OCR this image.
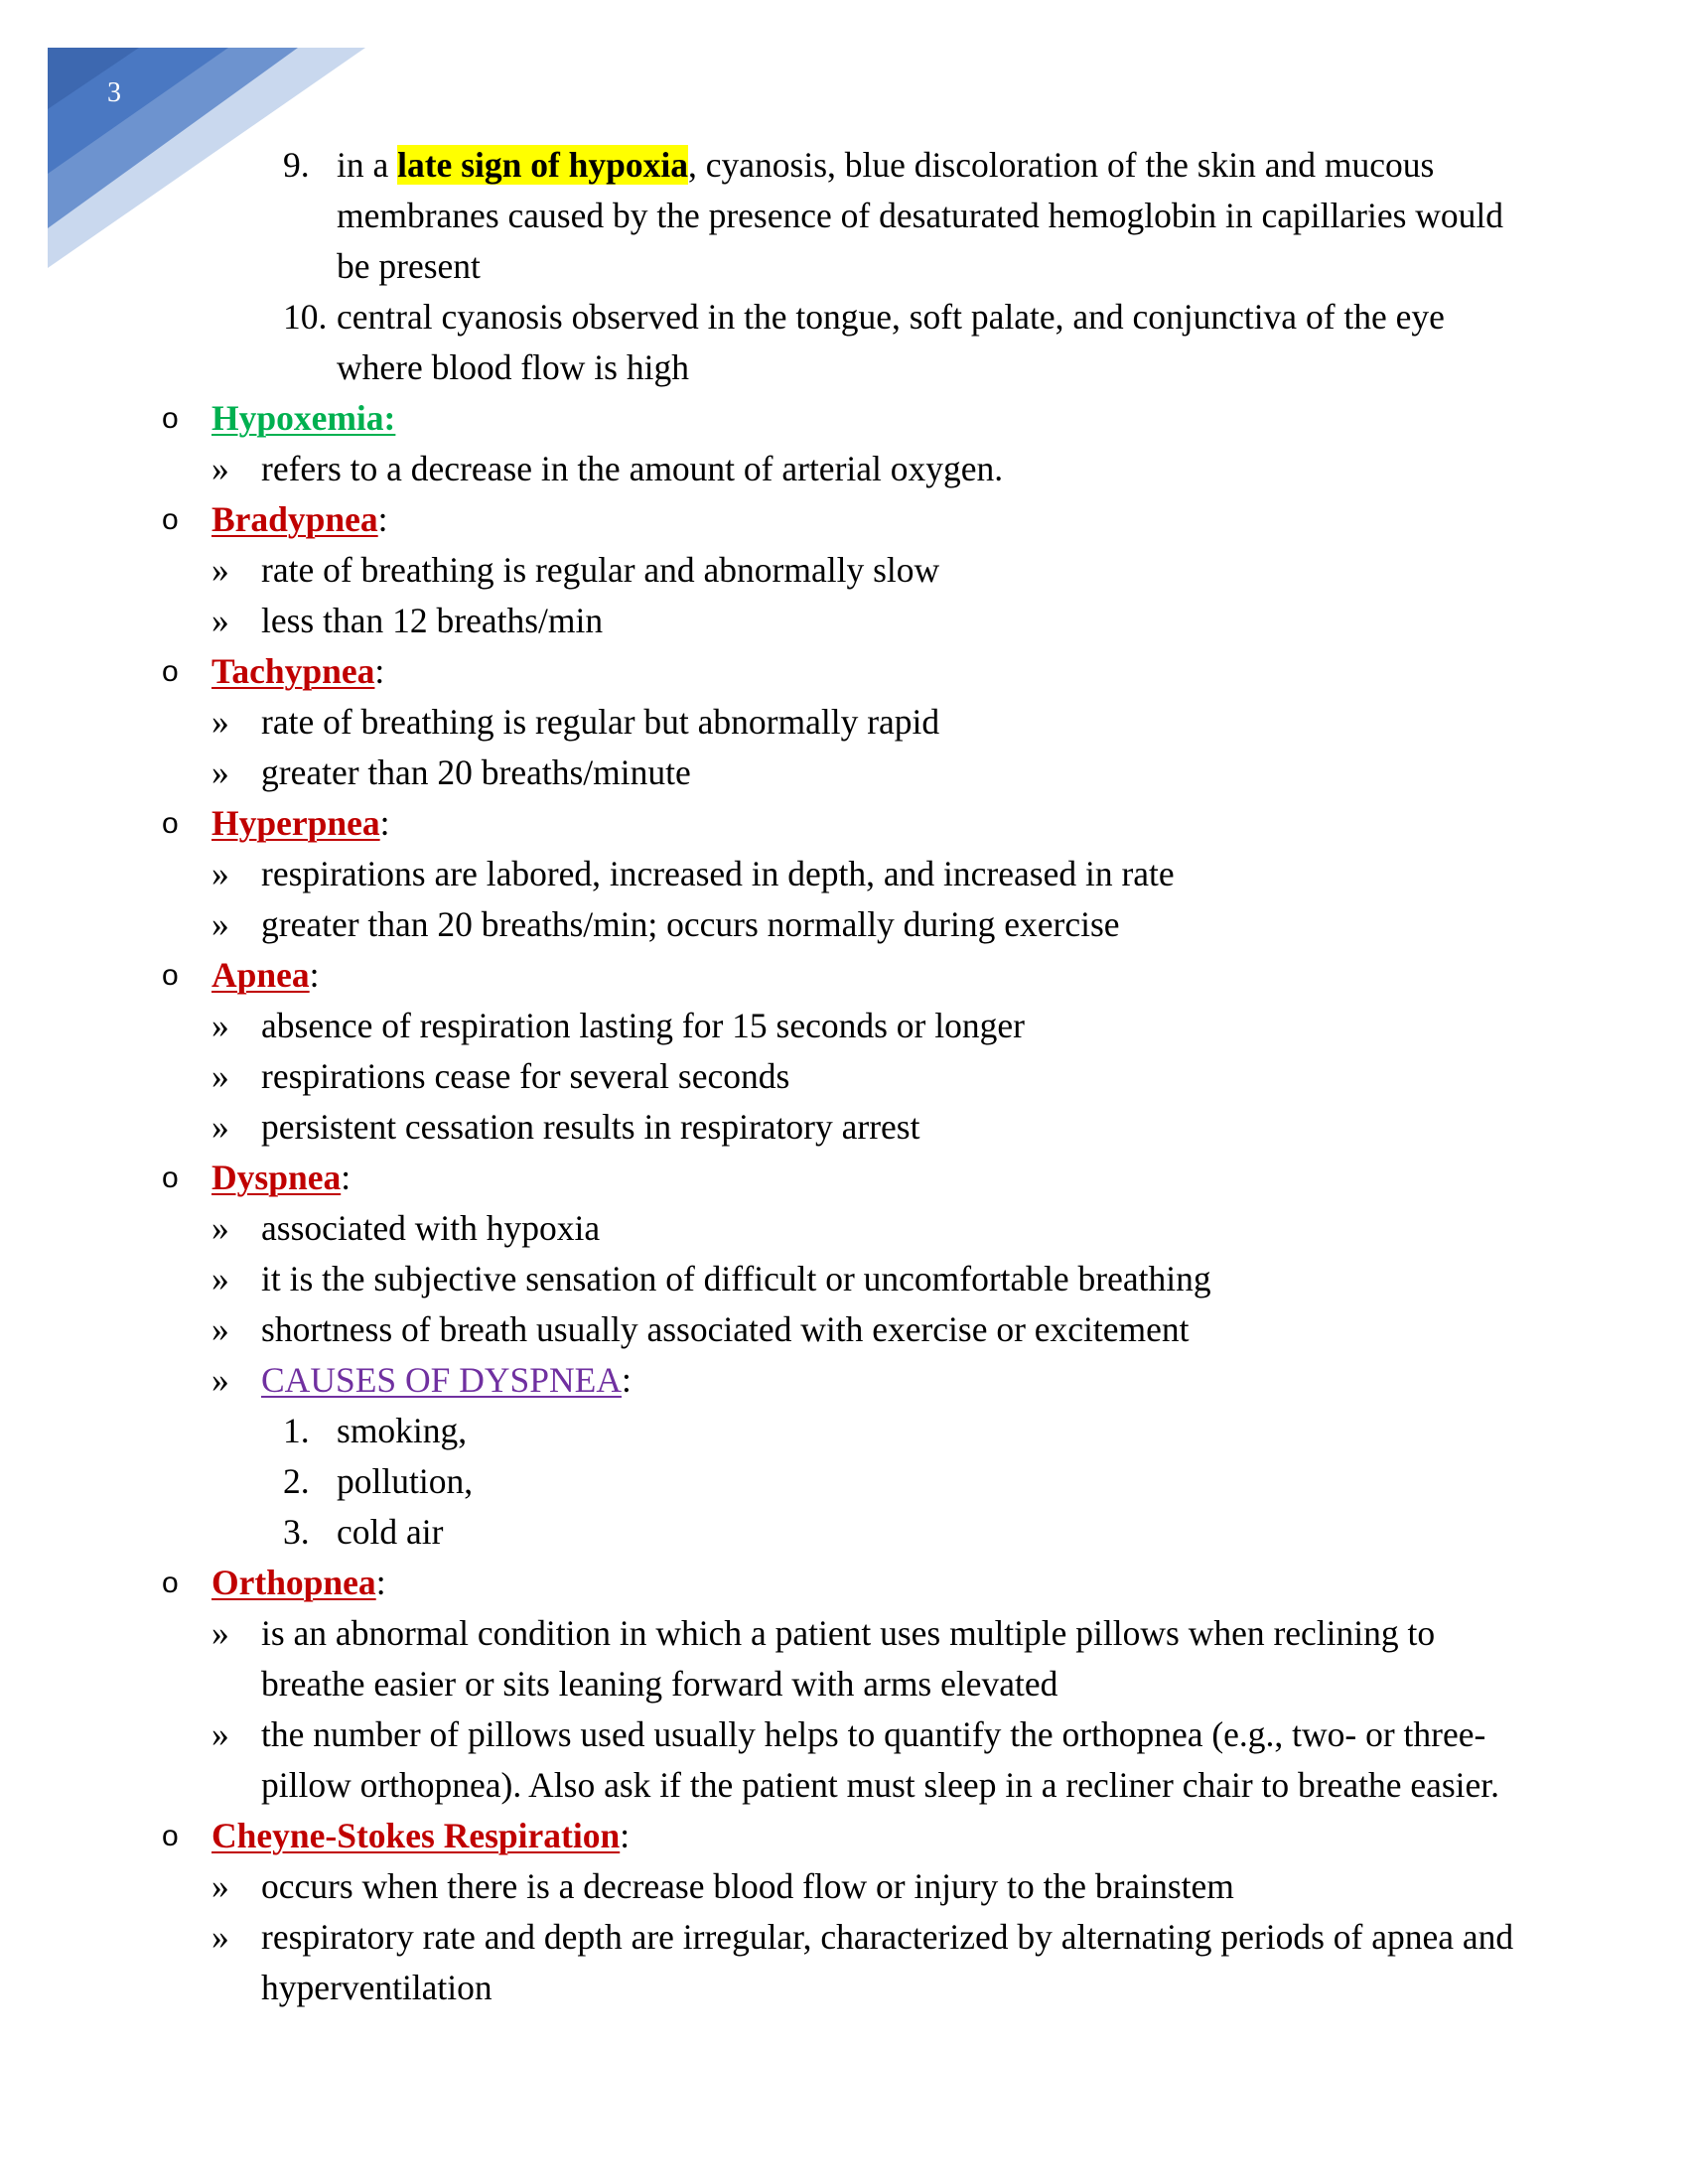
3
9. in a late sign of hypoxia, cyanosis, blue discoloration of the skin and mucous membranes caused by the presence of desaturated hemoglobin in capillaries would be present
10. central cyanosis observed in the tongue, soft palate, and conjunctiva of the eye where blood flow is high
o Hypoxemia:
» refers to a decrease in the amount of arterial oxygen.
o Bradypnea:
» rate of breathing is regular and abnormally slow
» less than 12 breaths/min
o Tachypnea:
» rate of breathing is regular but abnormally rapid
» greater than 20 breaths/minute
o Hyperpnea:
» respirations are labored, increased in depth, and increased in rate
» greater than 20 breaths/min; occurs normally during exercise
o Apnea:
» absence of respiration lasting for 15 seconds or longer
» respirations cease for several seconds
» persistent cessation results in respiratory arrest
o Dyspnea:
» associated with hypoxia
» it is the subjective sensation of difficult or uncomfortable breathing
» shortness of breath usually associated with exercise or excitement
» CAUSES OF DYSPNEA:
1. smoking,
2. pollution,
3. cold air
o Orthopnea:
» is an abnormal condition in which a patient uses multiple pillows when reclining to breathe easier or sits leaning forward with arms elevated
» the number of pillows used usually helps to quantify the orthopnea (e.g., two- or three-pillow orthopnea). Also ask if the patient must sleep in a recliner chair to breathe easier.
o Cheyne-Stokes Respiration:
» occurs when there is a decrease blood flow or injury to the brainstem
» respiratory rate and depth are irregular, characterized by alternating periods of apnea and hyperventilation
